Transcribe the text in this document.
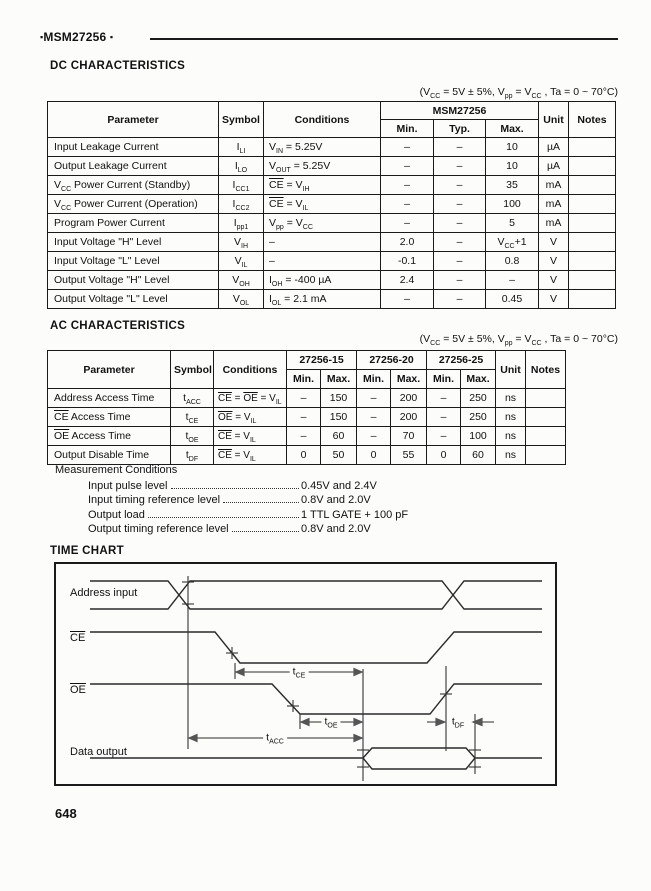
▪MSM27256 ▪
DC CHARACTERISTICS
($V_{CC} = 5V \pm 5\%$, $V_{pp} = V_{CC}$ , Ta = 0 ~ 70°C)
Parameter	Symbol	Conditions	MSM27256			Unit	Notes
			Min.	Typ.	Max.		
Input Leakage Current	$I_{LI}$	$V_{IN} = 5.25V$	–	–	10	µA	
Output Leakage Current	$I_{LO}$	$V_{OUT} = 5.25V$	–	–	10	µA	
$V_{CC}$ Power Current (Standby)	$I_{CC1}$	$\overline{CE} = V_{IH}$	–	–	35	mA	
$V_{CC}$ Power Current (Operation)	$I_{CC2}$	$\overline{CE} = V_{IL}$	–	–	100	mA	
Program Power Current	$I_{pp1}$	$V_{pp} = V_{CC}$	–	–	5	mA	
Input Voltage "H" Level	$V_{IH}$	–	2.0	–	$V_{CC}+1$	V	
Input Voltage "L" Level	$V_{IL}$	–	-0.1	–	0.8	V	
Output Voltage "H" Level	$V_{OH}$	$I_{OH} = -400$ µA	2.4	–	–	V	
Output Voltage "L" Level	$V_{OL}$	$I_{OL} = 2.1$ mA	–	–	0.45	V	
AC CHARACTERISTICS
($V_{CC} = 5V \pm 5\%$, $V_{pp} = V_{CC}$ , Ta = 0 ~ 70°C)
Parameter	Symbol	Conditions	27256-15		27256-20		27256-25		Unit	Notes
			Min.	Max.	Min.	Max.	Min.	Max.		
Address Access Time	$t_{ACC}$	$\overline{CE} = \overline{OE} = V_{IL}$	–	150	–	200	–	250	ns	
$\overline{CE}$ Access Time	$t_{CE}$	$\overline{OE} = V_{IL}$	–	150	–	200	–	250	ns	
$\overline{OE}$ Access Time	$t_{OE}$	$\overline{CE} = V_{IL}$	–	60	–	70	–	100	ns	
Output Disable Time	$t_{DF}$	$\overline{CE} = V_{IL}$	0	50	0	55	0	60	ns	
Measurement Conditions
Input pulse level	0.45V and 2.4V
Input timing reference level	0.8V and 2.0V
Output load	1 TTL GATE + 100 pF
Output timing reference level	0.8V and 2.0V
TIME CHART
Address input
$\overline{CE}$
$\overline{OE}$
Data output
$t_{CE}$
$t_{OE}$
$t_{ACC}$
$t_{DF}$
648
